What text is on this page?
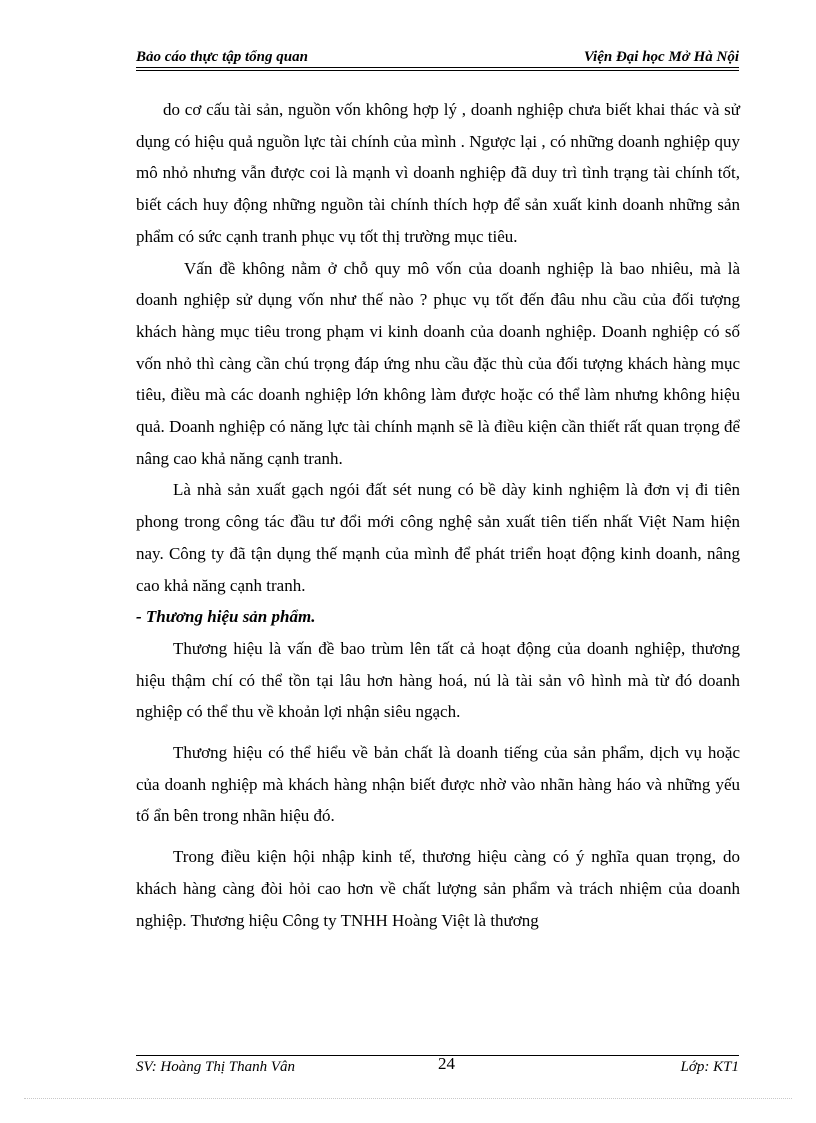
Bảo cáo thực tập tổng quan	Viện Đại học Mở Hà Nội

do cơ cấu tài sản, nguồn vốn không hợp lý , doanh nghiệp chưa biết khai thác và sử dụng có hiệu quả nguồn lực tài chính của mình . Ngược lại , có những doanh nghiệp quy mô nhỏ nhưng vẫn được coi là mạnh vì doanh nghiệp đã duy trì tình trạng tài chính tốt, biết cách huy động những nguồn tài chính thích hợp để sản xuất kinh doanh những sản phẩm có sức cạnh tranh phục vụ tốt thị trường mục tiêu.

Vấn đề không nằm ở chỗ quy mô vốn của doanh nghiệp là bao nhiêu, mà là doanh nghiệp sử dụng vốn như thế nào ? phục vụ tốt đến đâu nhu cầu của đối tượng khách hàng mục tiêu trong phạm vi kinh doanh của doanh nghiệp. Doanh nghiệp có số vốn nhỏ thì càng cần chú trọng đáp ứng nhu cầu đặc thù của đối tượng khách hàng mục tiêu, điều mà các doanh nghiệp lớn không làm được hoặc có thể làm nhưng không hiệu quả. Doanh nghiệp có năng lực tài chính mạnh sẽ là điều kiện cần thiết rất quan trọng để nâng cao khả năng cạnh tranh.

Là nhà sản xuất gạch ngói đất sét nung có bề dày kinh nghiệm là đơn vị đi tiên phong trong công tác đầu tư đổi mới công nghệ sản xuất tiên tiến nhất Việt Nam hiện nay. Công ty đã tận dụng thế mạnh của mình để phát triển hoạt động kinh doanh, nâng cao khả năng cạnh tranh.

- Thương hiệu sản phẩm.

Thương hiệu là vấn đề bao trùm lên tất cả hoạt động của doanh nghiệp, thương hiệu thậm chí có thể tồn tại lâu hơn hàng hoá, nú là tài sản vô hình mà từ đó doanh nghiệp có thể thu về khoản lợi nhận siêu ngạch.

Thương hiệu có thể hiểu về bản chất là doanh tiếng của sản phẩm, dịch vụ hoặc của doanh nghiệp mà khách hàng nhận biết được nhờ vào nhãn hàng háo và những yếu tố ẩn bên trong nhãn hiệu đó.

Trong điều kiện hội nhập kinh tế, thương hiệu càng có ý nghĩa quan trọng, do khách hàng càng đòi hỏi cao hơn về chất lượng sản phẩm và trách nhiệm của doanh nghiệp. Thương hiệu Công ty TNHH Hoàng Việt là thương

SV: Hoàng Thị Thanh Vân	24	Lớp: KT1
